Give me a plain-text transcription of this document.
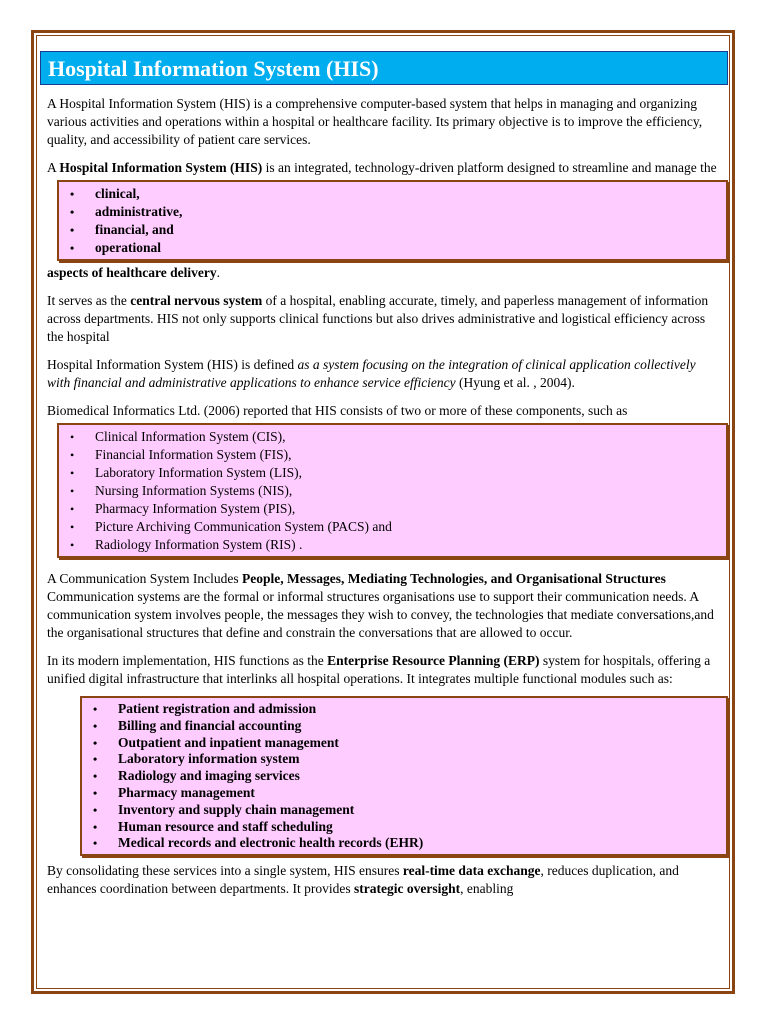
Hospital Information System (HIS)

A Hospital Information System (HIS) is a comprehensive computer-based system that helps in managing and organizing various activities and operations within a hospital or healthcare facility. Its primary objective is to improve the efficiency, quality, and accessibility of patient care services.

A Hospital Information System (HIS) is an integrated, technology-driven platform designed to streamline and manage the

• clinical,
• administrative,
• financial, and
• operational

aspects of healthcare delivery.

It serves as the central nervous system of a hospital, enabling accurate, timely, and paperless management of information across departments. HIS not only supports clinical functions but also drives administrative and logistical efficiency across the hospital

Hospital Information System (HIS) is defined as a system focusing on the integration of clinical application collectively with financial and administrative applications to enhance service efficiency (Hyung et al. , 2004).

Biomedical Informatics Ltd. (2006) reported that HIS consists of two or more of these components, such as

• Clinical Information System (CIS),
• Financial Information System (FIS),
• Laboratory Information System (LIS),
• Nursing Information Systems (NIS),
• Pharmacy Information System (PIS),
• Picture Archiving Communication System (PACS) and
• Radiology Information System (RIS) .

A Communication System Includes People, Messages, Mediating Technologies, and Organisational Structures Communication systems are the formal or informal structures organisations use to support their communication needs. A communication system involves people, the messages they wish to convey, the technologies that mediate conversations,and the organisational structures that define and constrain the conversations that are allowed to occur.

In its modern implementation, HIS functions as the Enterprise Resource Planning (ERP) system for hospitals, offering a unified digital infrastructure that interlinks all hospital operations. It integrates multiple functional modules such as:

• Patient registration and admission
• Billing and financial accounting
• Outpatient and inpatient management
• Laboratory information system
• Radiology and imaging services
• Pharmacy management
• Inventory and supply chain management
• Human resource and staff scheduling
• Medical records and electronic health records (EHR)

By consolidating these services into a single system, HIS ensures real-time data exchange, reduces duplication, and enhances coordination between departments. It provides strategic oversight, enabling
